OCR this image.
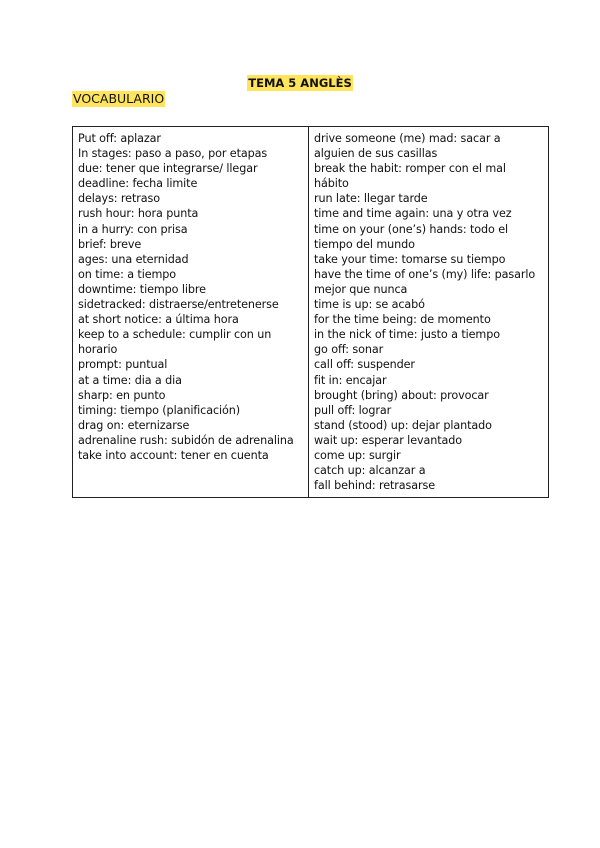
TEMA 5 ANGLÈS
VOCABULARIO
Put off: aplazar
In stages: paso a paso, por etapas
due: tener que integrarse/ llegar
deadline: fecha limite
delays: retraso
rush hour: hora punta
in a hurry: con prisa
brief: breve
ages: una eternidad
on time: a tiempo
downtime: tiempo libre
sidetracked: distraerse/entretenerse
at short notice: a última hora
keep to a schedule: cumplir con un horario
prompt: puntual
at a time: dia a dia
sharp: en punto
timing: tiempo (planificación)
drag on: eternizarse
adrenaline rush: subidón de adrenalina
take into account: tener en cuenta

drive someone (me) mad: sacar a alguien de sus casillas
break the habit: romper con el mal hábito
run late: llegar tarde
time and time again: una y otra vez
time on your (one’s) hands: todo el tiempo del mundo
take your time: tomarse su tiempo
have the time of one’s (my) life: pasarlo mejor que nunca
time is up: se acabó
for the time being: de momento
in the nick of time: justo a tiempo
go off: sonar
call off: suspender
fit in: encajar
brought (bring) about: provocar
pull off: lograr
stand (stood) up: dejar plantado
wait up: esperar levantado
come up: surgir
catch up: alcanzar a
fall behind: retrasarse
